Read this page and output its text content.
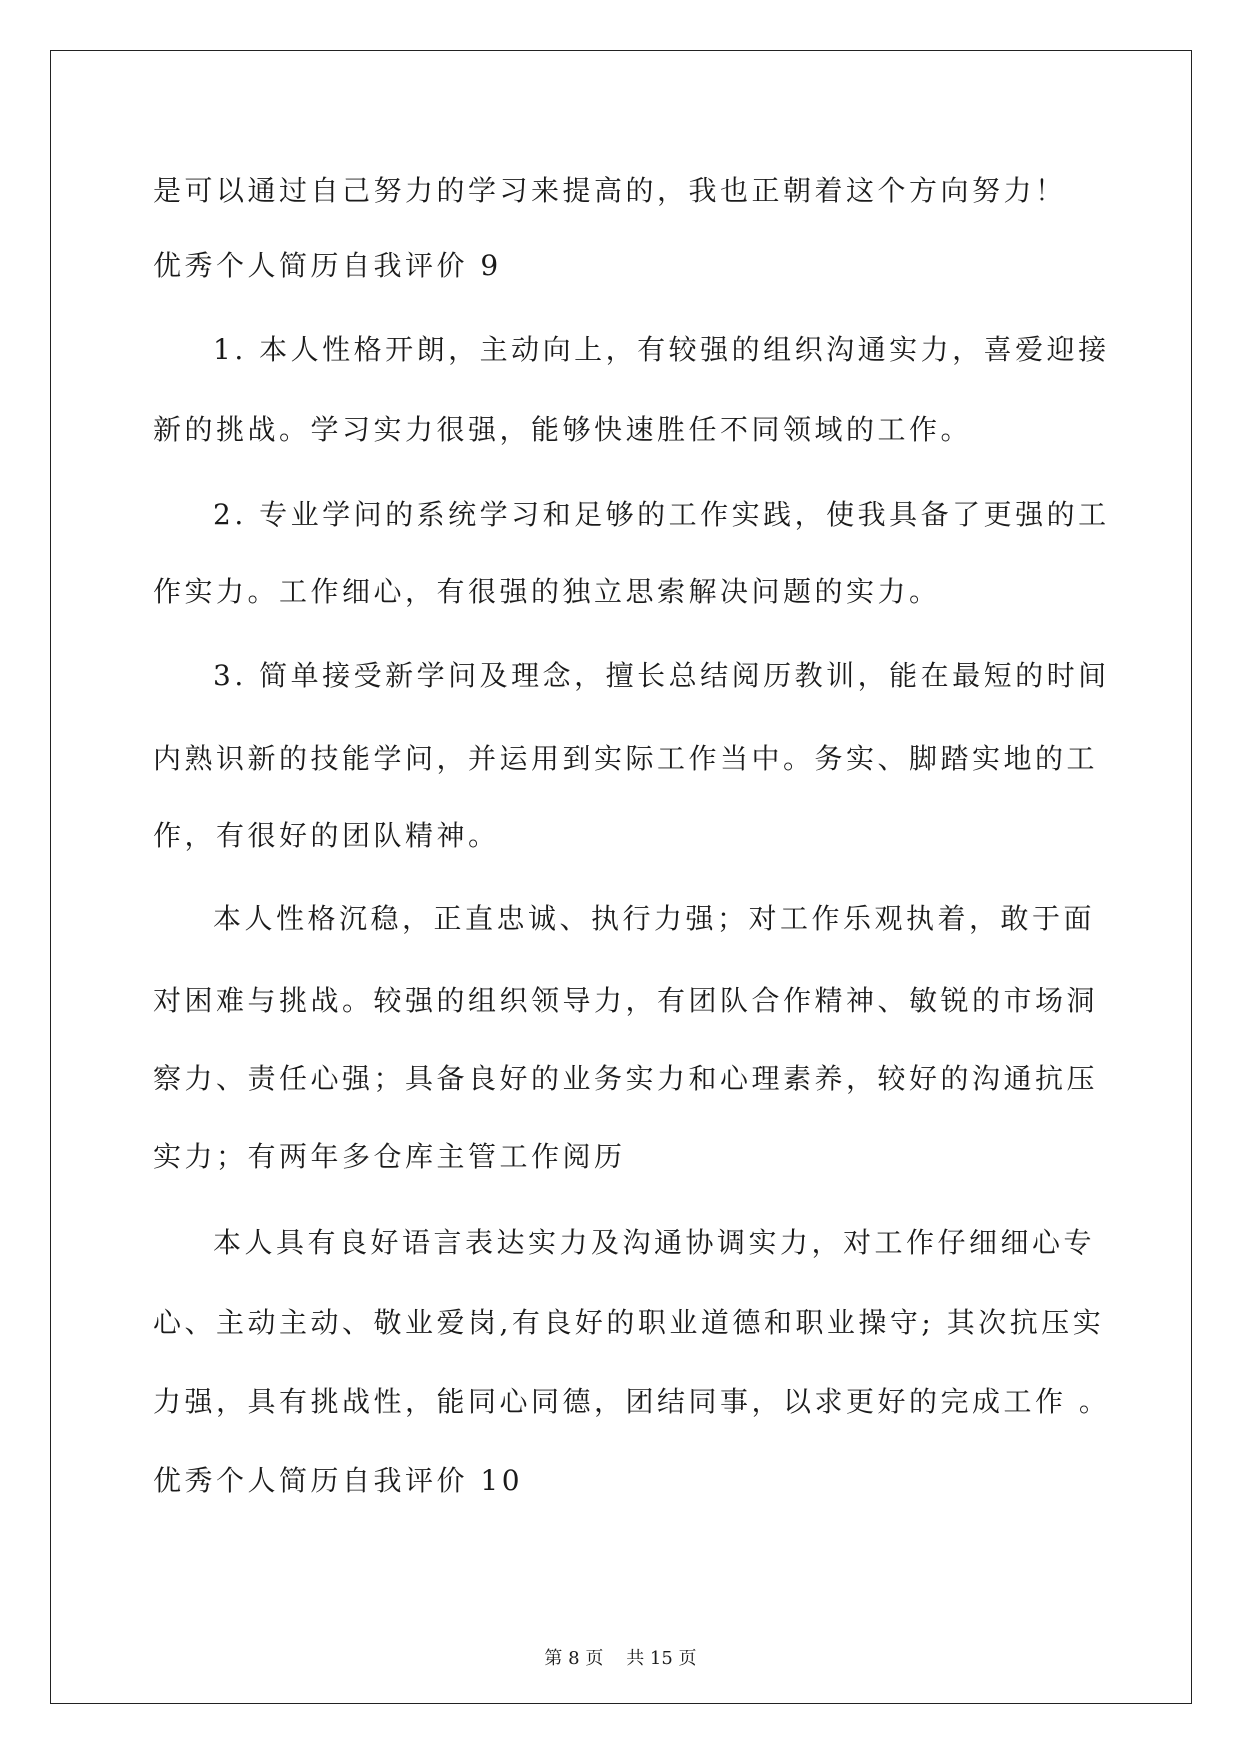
是可以通过自己努力的学习来提高的，我也正朝着这个方向努力！
优秀个人简历自我评价 9
1. 本人性格开朗，主动向上，有较强的组织沟通实力，喜爱迎接
新的挑战。学习实力很强，能够快速胜任不同领域的工作。
2. 专业学问的系统学习和足够的工作实践，使我具备了更强的工
作实力。工作细心，有很强的独立思索解决问题的实力。
3. 简单接受新学问及理念，擅长总结阅历教训，能在最短的时间
内熟识新的技能学问，并运用到实际工作当中。务实、脚踏实地的工
作，有很好的团队精神。
本人性格沉稳，正直忠诚、执行力强；对工作乐观执着，敢于面
对困难与挑战。较强的组织领导力，有团队合作精神、敏锐的市场洞
察力、责任心强；具备良好的业务实力和心理素养，较好的沟通抗压
实力；有两年多仓库主管工作阅历
本人具有良好语言表达实力及沟通协调实力，对工作仔细细心专
心、主动主动、敬业爱岗,有良好的职业道德和职业操守; 其次抗压实
力强，具有挑战性，能同心同德，团结同事，以求更好的完成工作 。
优秀个人简历自我评价 10
第 8 页    共 15 页
